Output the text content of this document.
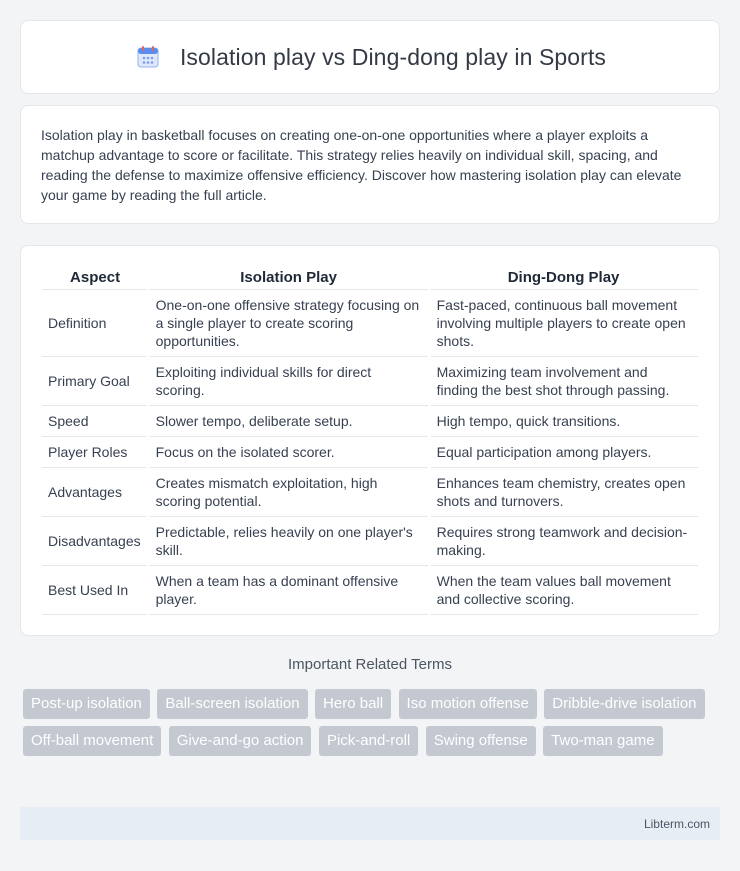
Isolation play vs Ding-dong play in Sports

Isolation play in basketball focuses on creating one-on-one opportunities where a player exploits a matchup advantage to score or facilitate. This strategy relies heavily on individual skill, spacing, and reading the defense to maximize offensive efficiency. Discover how mastering isolation play can elevate your game by reading the full article.

Aspect	Isolation Play	Ding-Dong Play
Definition	One-on-one offensive strategy focusing on a single player to create scoring opportunities.	Fast-paced, continuous ball movement involving multiple players to create open shots.
Primary Goal	Exploiting individual skills for direct scoring.	Maximizing team involvement and finding the best shot through passing.
Speed	Slower tempo, deliberate setup.	High tempo, quick transitions.
Player Roles	Focus on the isolated scorer.	Equal participation among players.
Advantages	Creates mismatch exploitation, high scoring potential.	Enhances team chemistry, creates open shots and turnovers.
Disadvantages	Predictable, relies heavily on one player's skill.	Requires strong teamwork and decision-making.
Best Used In	When a team has a dominant offensive player.	When the team values ball movement and collective scoring.
Important Related Terms
Post-up isolation Ball-screen isolation Hero ball Iso motion offense Dribble-drive isolation Off-ball movement Give-and-go action Pick-and-roll Swing offense Two-man game
Libterm.com
